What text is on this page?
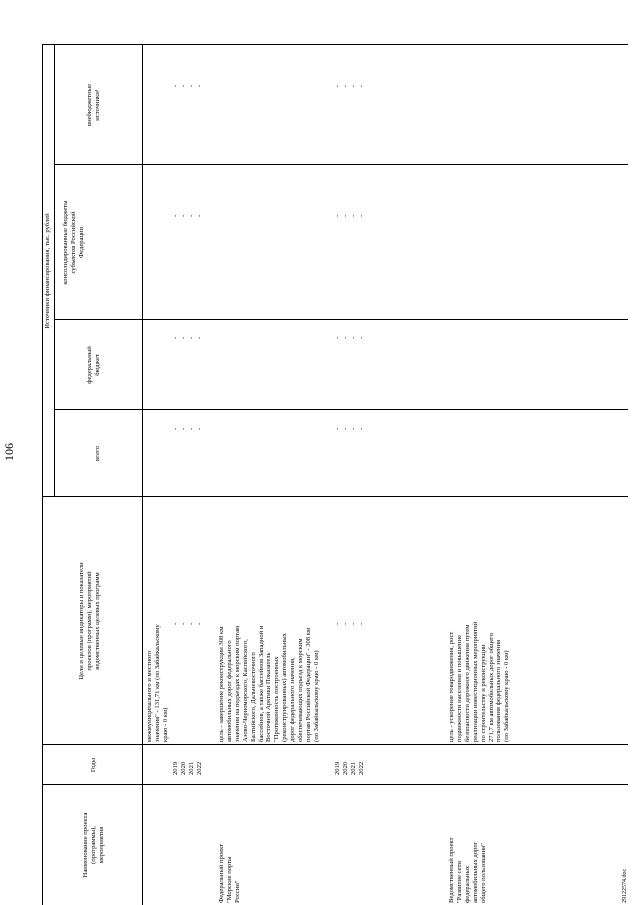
106
Наименование проекта
(программы),
мероприятия
Годы
Цели и целевые индикаторы и показатели
проектов (программ), мероприятий
ведомственных целевых программ
Источники финансирования, тыс. рублей
всего
федеральный
бюджет
консолидированные бюджеты
субъектов Российской
Федерации
внебюджетные
источники¹
межмуниципального и местного
значения" - 131,71 км (по Забайкальскому
краю - 0 км)
2019 2020 2021 2022
- - - -
- - - -
- - - -
- - - -
- - - -
Федеральный проект
"Морские порты
России"
цель - завершение реконструкции 308 км
автомобильных дорог федерального
значения на подъездах к морским портам
Азово-Черноморского, Каспийского,
Балтийского, Дальневосточного
бассейнов, а также бассейнов Западной и
Восточной Арктики Показатель
"Протяженность построенных
(реконструированных) автомобильных
дорог федерального значения,
обеспечивающих подъезд к морским
портам Российской Федерации" - 308 км
(по Забайкальскому краю - 0 км)
2019 2020 2021 2022
- - - -
- - - -
- - - -
- - - -
- - - -
Ведомственный проект
"Развитие сети
федеральных
автомобильных дорог
общего пользования"
цель - ускорение товародвижения, рост
подвижности населения и повышение
безопасности дорожного движения путем
реализации инвестиционных мероприятий
по строительству и реконструкции
271,7 км автомобильных дорог общего
пользования федерального значения
(по Забайкальскому краю - 0 км)
29122574.doc
